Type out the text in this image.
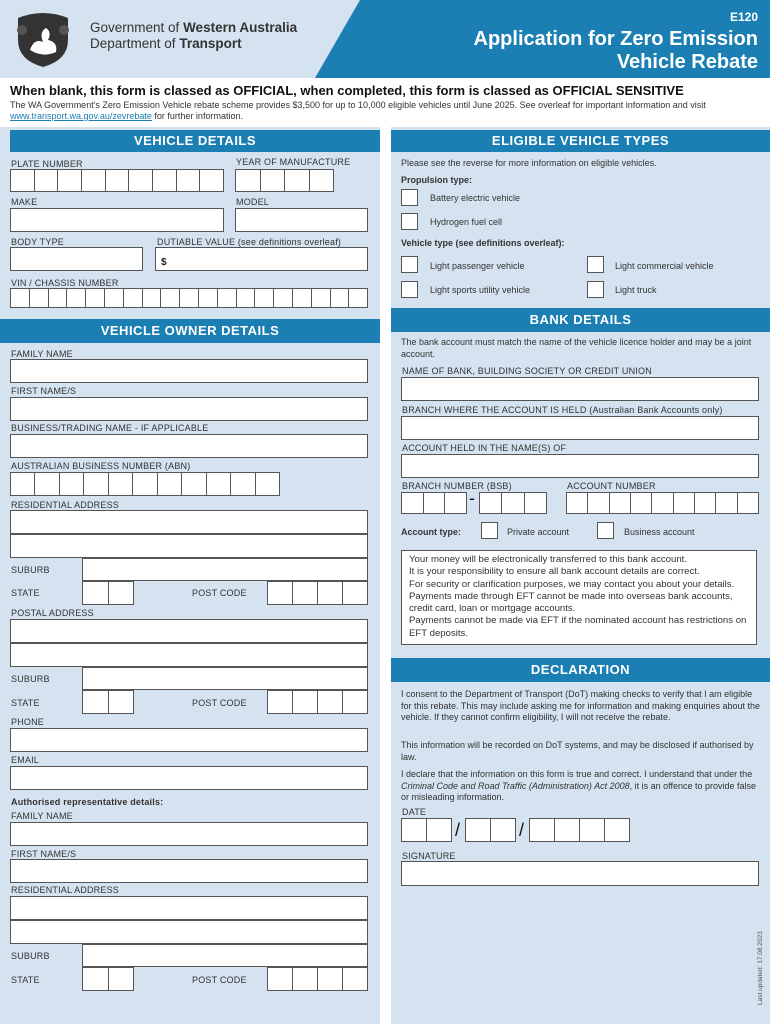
Government of Western Australia
Department of Transport
E120
Application for Zero Emission
Vehicle Rebate
When blank, this form is classed as OFFICIAL, when completed, this form is classed as OFFICIAL SENSITIVE
The WA Government's Zero Emission Vehicle rebate scheme provides $3,500 for up to 10,000 eligible vehicles until June 2025. See overleaf for important information and visit www.transport.wa.gov.au/zevrebate for further information.
VEHICLE DETAILS
PLATE NUMBER	YEAR OF MANUFACTURE
MAKE	MODEL
BODY TYPE	DUTIABLE VALUE (see definitions overleaf)
$
VIN / CHASSIS NUMBER
VEHICLE OWNER DETAILS
FAMILY NAME
FIRST NAME/S
BUSINESS/TRADING NAME - IF APPLICABLE
AUSTRALIAN BUSINESS NUMBER (ABN)
RESIDENTIAL ADDRESS
SUBURB
STATE	POST CODE
POSTAL ADDRESS
SUBURB
STATE	POST CODE
PHONE
EMAIL
Authorised representative details:
FAMILY NAME
FIRST NAME/S
RESIDENTIAL ADDRESS
SUBURB
STATE	POST CODE
ELIGIBLE VEHICLE TYPES
Please see the reverse for more information on eligible vehicles.
Propulsion type:
Battery electric vehicle
Hydrogen fuel cell
Vehicle type (see definitions overleaf):
Light passenger vehicle	Light commercial vehicle
Light sports utility vehicle	Light truck
BANK DETAILS
The bank account must match the name of the vehicle licence holder and may be a joint account.
NAME OF BANK, BUILDING SOCIETY OR CREDIT UNION
BRANCH WHERE THE ACCOUNT IS HELD (Australian Bank Accounts only)
ACCOUNT HELD IN THE NAME(S) OF
BRANCH NUMBER (BSB)
-
ACCOUNT NUMBER
Account type:	Private account	Business account
Your money will be electronically transferred to this bank account.
It is your responsibility to ensure all bank account details are correct.
For security or clarification purposes, we may contact you about your details. Payments made through EFT cannot be made into overseas bank accounts, credit card, loan or mortgage accounts.
Payments cannot be made via EFT if the nominated account has restrictions on EFT deposits.
DECLARATION
I consent to the Department of Transport (DoT) making checks to verify that I am eligible for this rebate. This may include asking me for information and making enquiries about the vehicle. If they cannot confirm eligibility, I will not receive the rebate.
This information will be recorded on DoT systems, and may be disclosed if authorised by law.
I declare that the information on this form is true and correct. I understand that under the Criminal Code and Road Traffic (Administration) Act 2008, it is an offence to provide false or misleading information.
DATE
/	/
SIGNATURE
Last updated: 17.08.2023
